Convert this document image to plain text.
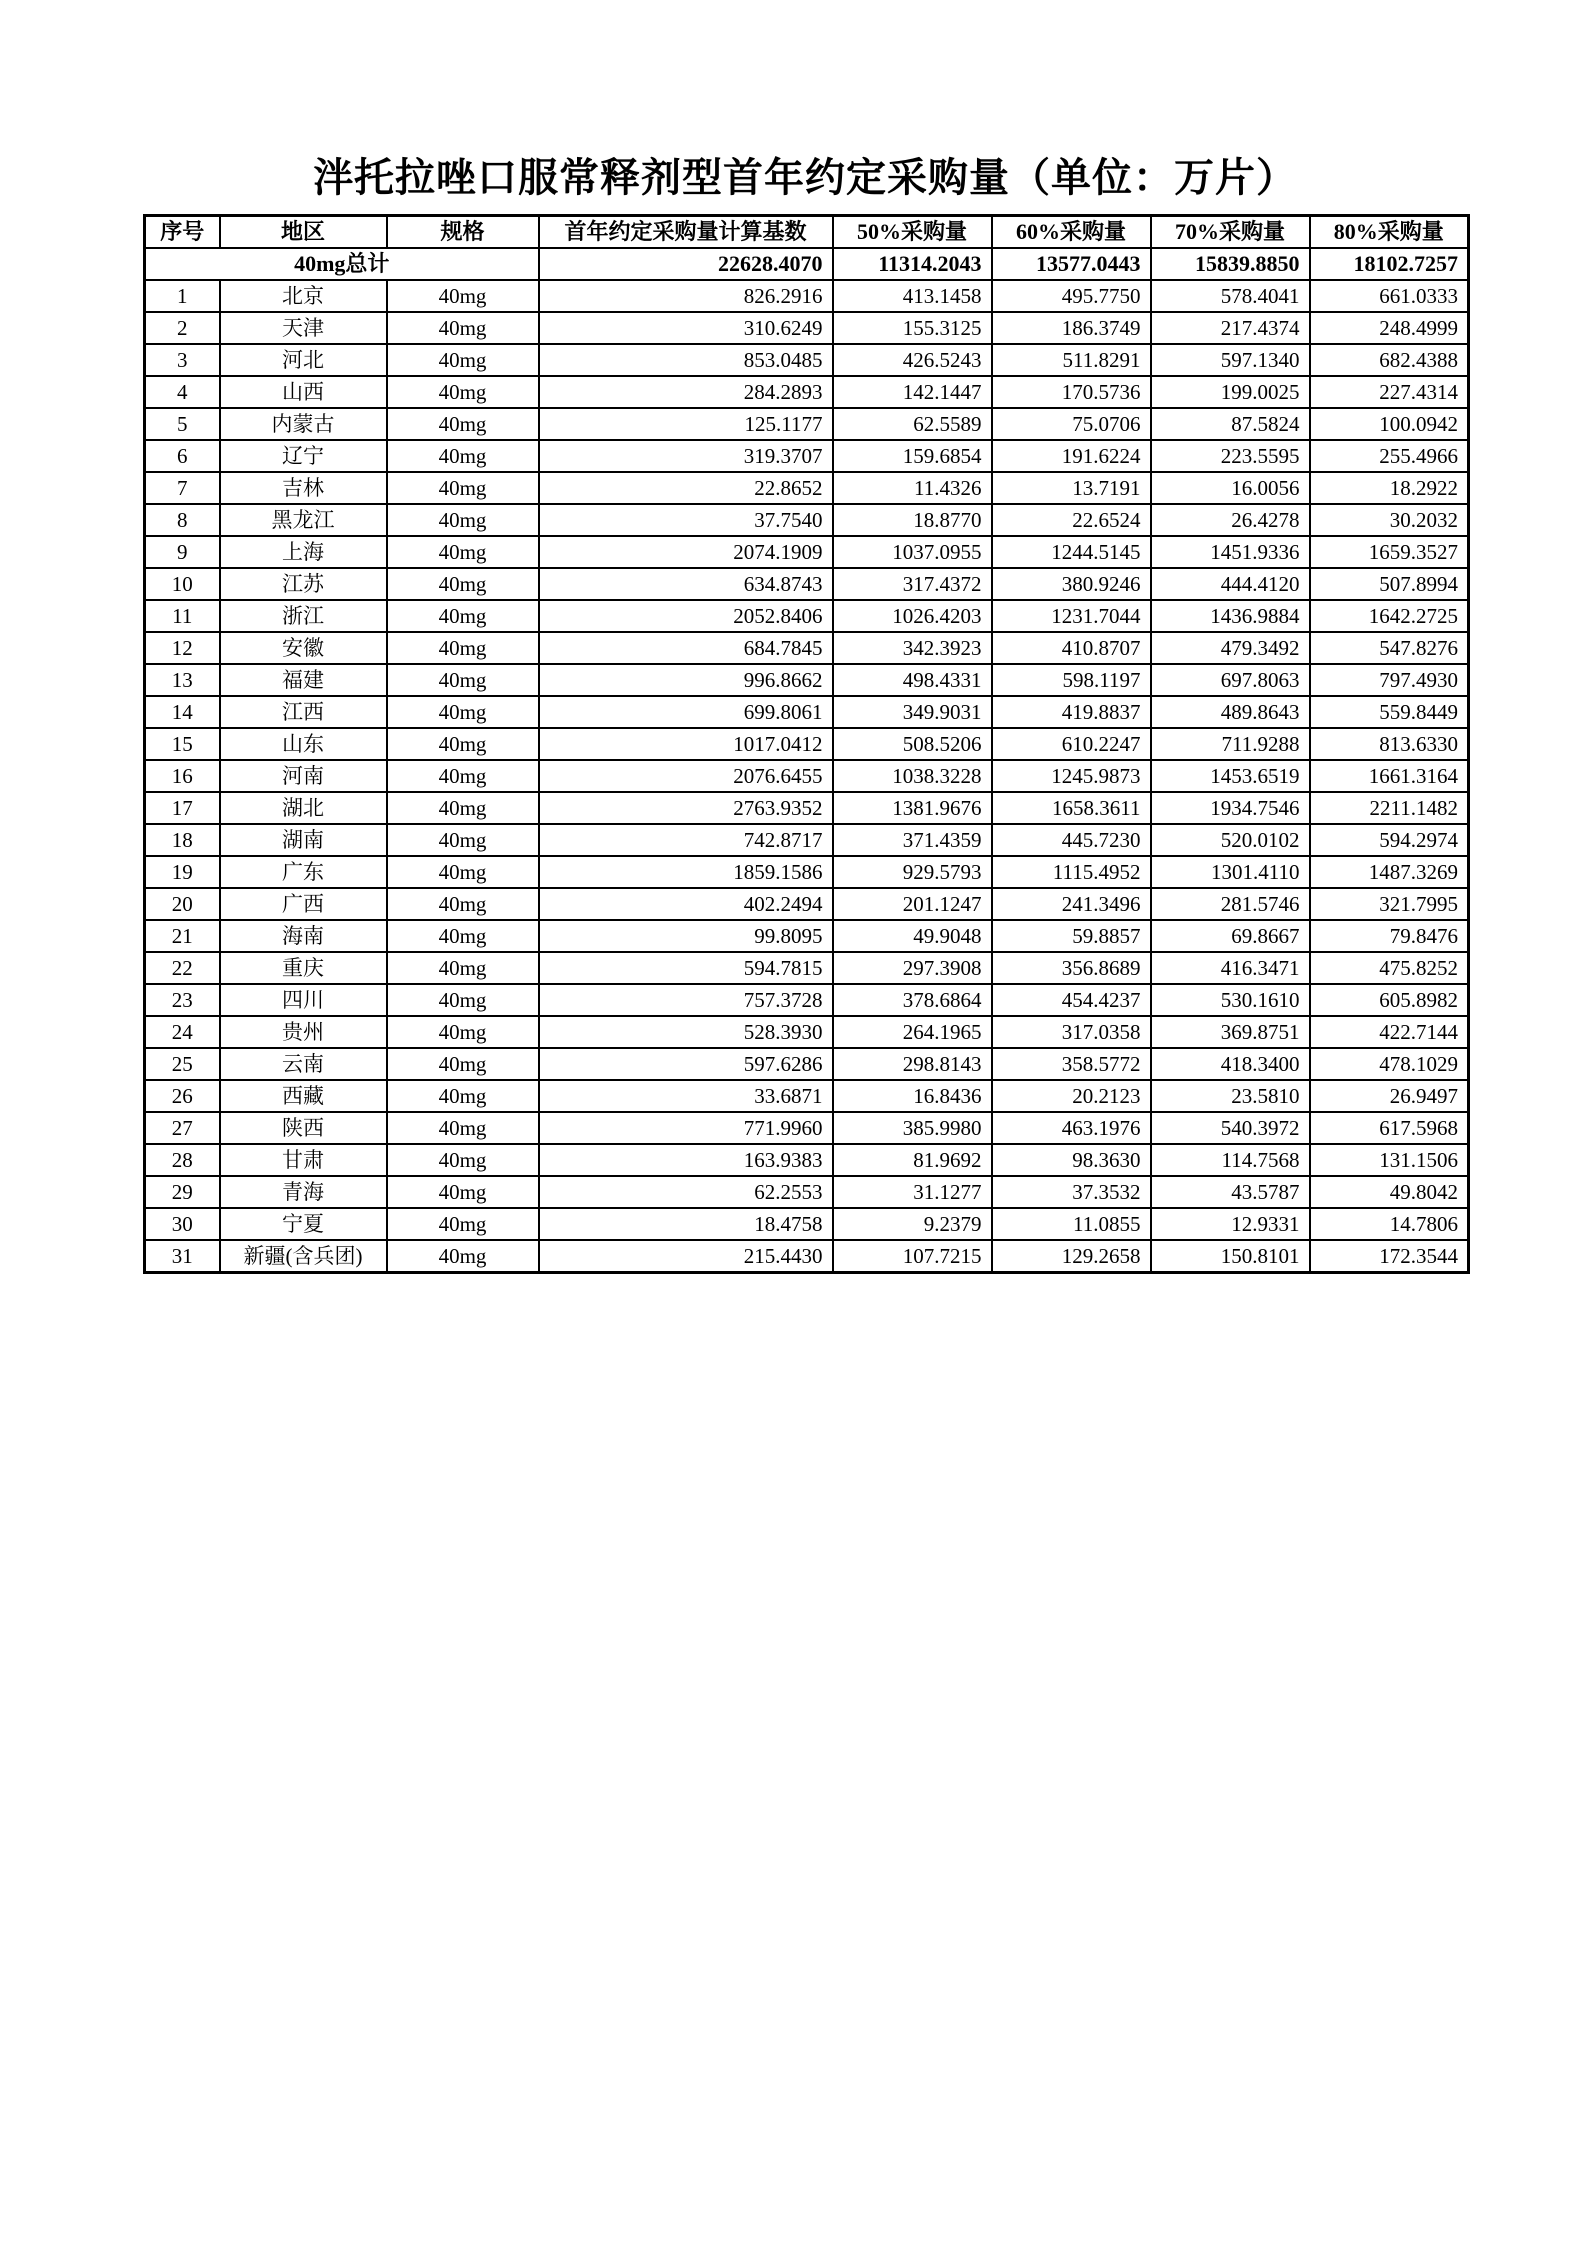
泮托拉唑口服常释剂型首年约定采购量（单位：万片）
序号	地区	规格	首年约定采购量计算基数	50%采购量	60%采购量	70%采购量	80%采购量
40mg总计			22628.4070	11314.2043	13577.0443	15839.8850	18102.7257
1	北京	40mg	826.2916	413.1458	495.7750	578.4041	661.0333
2	天津	40mg	310.6249	155.3125	186.3749	217.4374	248.4999
3	河北	40mg	853.0485	426.5243	511.8291	597.1340	682.4388
4	山西	40mg	284.2893	142.1447	170.5736	199.0025	227.4314
5	内蒙古	40mg	125.1177	62.5589	75.0706	87.5824	100.0942
6	辽宁	40mg	319.3707	159.6854	191.6224	223.5595	255.4966
7	吉林	40mg	22.8652	11.4326	13.7191	16.0056	18.2922
8	黑龙江	40mg	37.7540	18.8770	22.6524	26.4278	30.2032
9	上海	40mg	2074.1909	1037.0955	1244.5145	1451.9336	1659.3527
10	江苏	40mg	634.8743	317.4372	380.9246	444.4120	507.8994
11	浙江	40mg	2052.8406	1026.4203	1231.7044	1436.9884	1642.2725
12	安徽	40mg	684.7845	342.3923	410.8707	479.3492	547.8276
13	福建	40mg	996.8662	498.4331	598.1197	697.8063	797.4930
14	江西	40mg	699.8061	349.9031	419.8837	489.8643	559.8449
15	山东	40mg	1017.0412	508.5206	610.2247	711.9288	813.6330
16	河南	40mg	2076.6455	1038.3228	1245.9873	1453.6519	1661.3164
17	湖北	40mg	2763.9352	1381.9676	1658.3611	1934.7546	2211.1482
18	湖南	40mg	742.8717	371.4359	445.7230	520.0102	594.2974
19	广东	40mg	1859.1586	929.5793	1115.4952	1301.4110	1487.3269
20	广西	40mg	402.2494	201.1247	241.3496	281.5746	321.7995
21	海南	40mg	99.8095	49.9048	59.8857	69.8667	79.8476
22	重庆	40mg	594.7815	297.3908	356.8689	416.3471	475.8252
23	四川	40mg	757.3728	378.6864	454.4237	530.1610	605.8982
24	贵州	40mg	528.3930	264.1965	317.0358	369.8751	422.7144
25	云南	40mg	597.6286	298.8143	358.5772	418.3400	478.1029
26	西藏	40mg	33.6871	16.8436	20.2123	23.5810	26.9497
27	陕西	40mg	771.9960	385.9980	463.1976	540.3972	617.5968
28	甘肃	40mg	163.9383	81.9692	98.3630	114.7568	131.1506
29	青海	40mg	62.2553	31.1277	37.3532	43.5787	49.8042
30	宁夏	40mg	18.4758	9.2379	11.0855	12.9331	14.7806
31	新疆(含兵团)	40mg	215.4430	107.7215	129.2658	150.8101	172.3544
